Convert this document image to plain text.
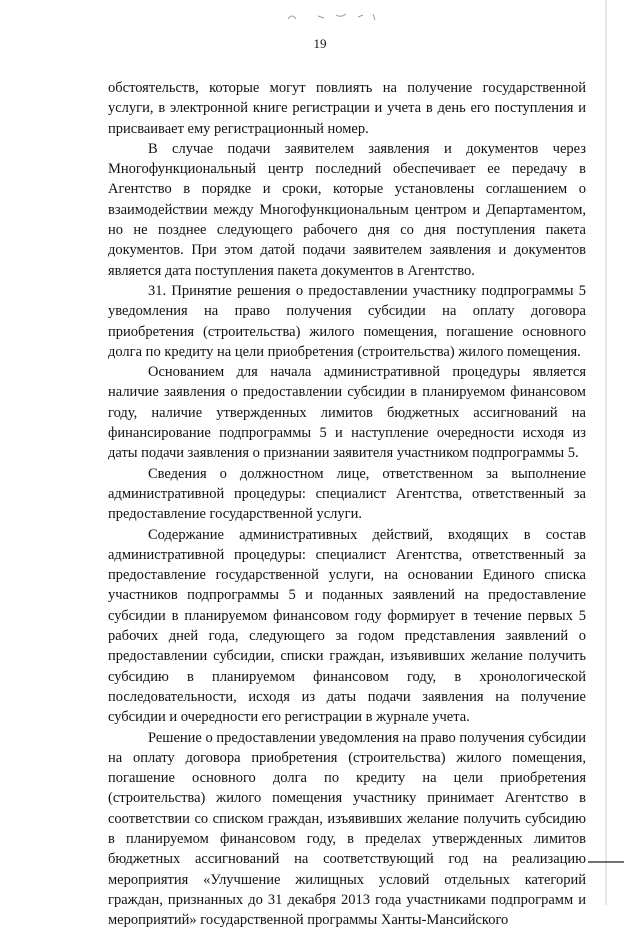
19

обстоятельств, которые могут повлиять на получение государственной услуги, в электронной книге регистрации и учета в день его поступления и присваивает ему регистрационный номер.

В случае подачи заявителем заявления и документов через Многофункциональный центр последний обеспечивает ее передачу в Агентство в порядке и сроки, которые установлены соглашением о взаимодействии между Многофункциональным центром и Департаментом, но не позднее следующего рабочего дня со дня поступления пакета документов. При этом датой подачи заявителем заявления и документов является дата поступления пакета документов в Агентство.

31. Принятие решения о предоставлении участнику подпрограммы 5 уведомления на право получения субсидии на оплату договора приобретения (строительства) жилого помещения, погашение основного долга по кредиту на цели приобретения (строительства) жилого помещения.

Основанием для начала административной процедуры является наличие заявления о предоставлении субсидии в планируемом финансовом году, наличие утвержденных лимитов бюджетных ассигнований на финансирование подпрограммы 5 и наступление очередности исходя из даты подачи заявления о признании заявителя участником подпрограммы 5.

Сведения о должностном лице, ответственном за выполнение административной процедуры: специалист Агентства, ответственный за предоставление государственной услуги.

Содержание административных действий, входящих в состав административной процедуры: специалист Агентства, ответственный за предоставление государственной услуги, на основании Единого списка участников подпрограммы 5 и поданных заявлений на предоставление субсидии в планируемом финансовом году формирует в течение первых 5 рабочих дней года, следующего за годом представления заявлений о предоставлении субсидии, списки граждан, изъявивших желание получить субсидию в планируемом финансовом году, в хронологической последовательности, исходя из даты подачи заявления на получение субсидии и очередности его регистрации в журнале учета.

Решение о предоставлении уведомления на право получения субсидии на оплату договора приобретения (строительства) жилого помещения, погашение основного долга по кредиту на цели приобретения (строительства) жилого помещения участнику принимает Агентство в соответствии со списком граждан, изъявивших желание получить субсидию в планируемом финансовом году, в пределах утвержденных лимитов бюджетных ассигнований на соответствующий год на реализацию мероприятия «Улучшение жилищных условий отдельных категорий граждан, признанных до 31 декабря 2013 года участниками подпрограмм и мероприятий» государственной программы Ханты-Мансийского
